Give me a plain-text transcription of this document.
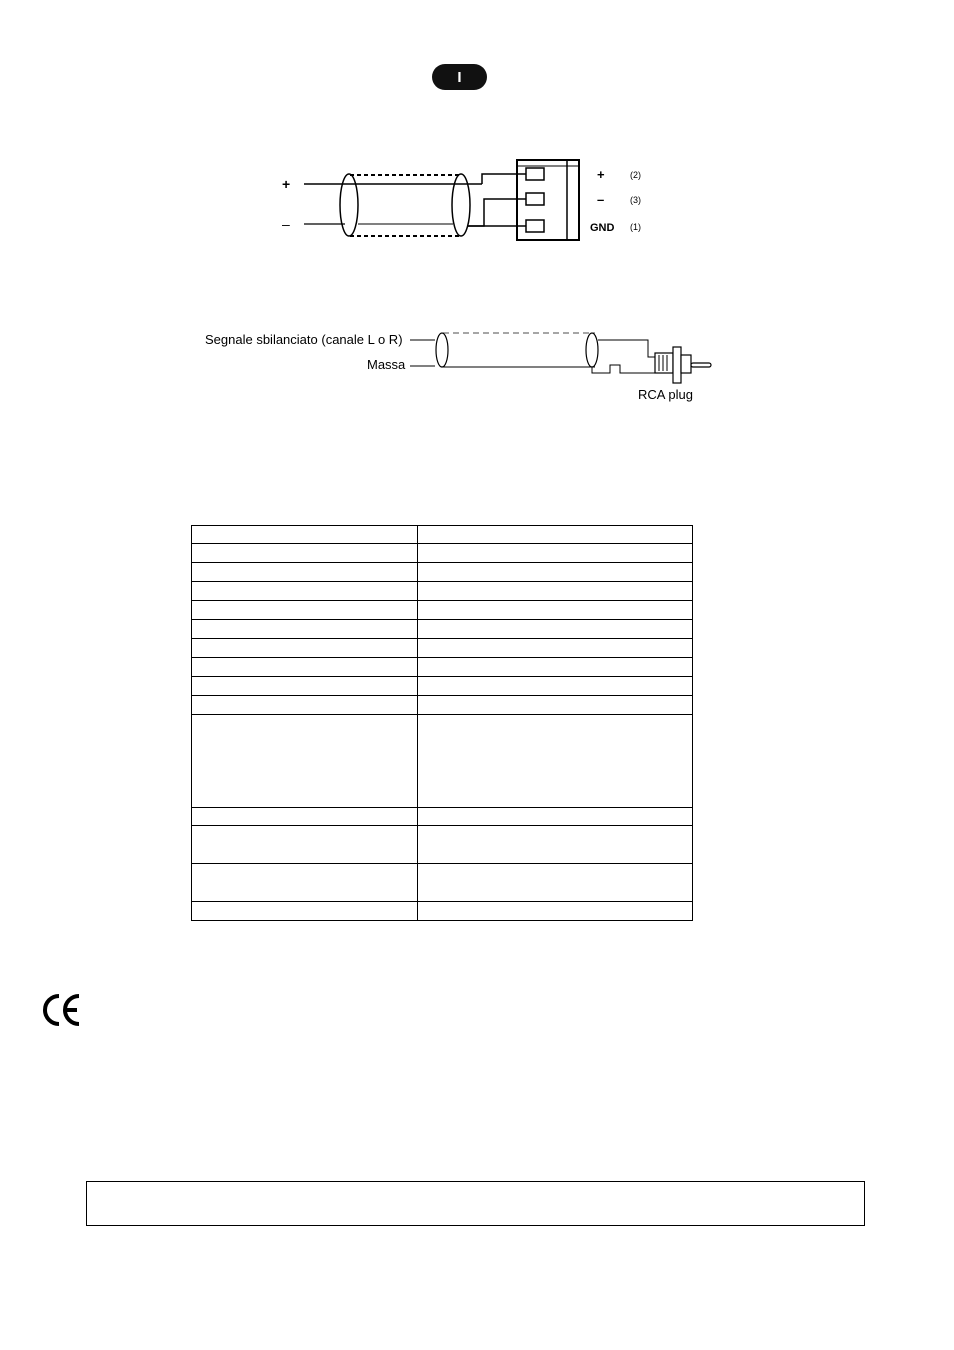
I
+
–
+	(2)
–	(3)
GND (1)
Segnale sbilanciato (canale L o R)
Massa
RCA plug
